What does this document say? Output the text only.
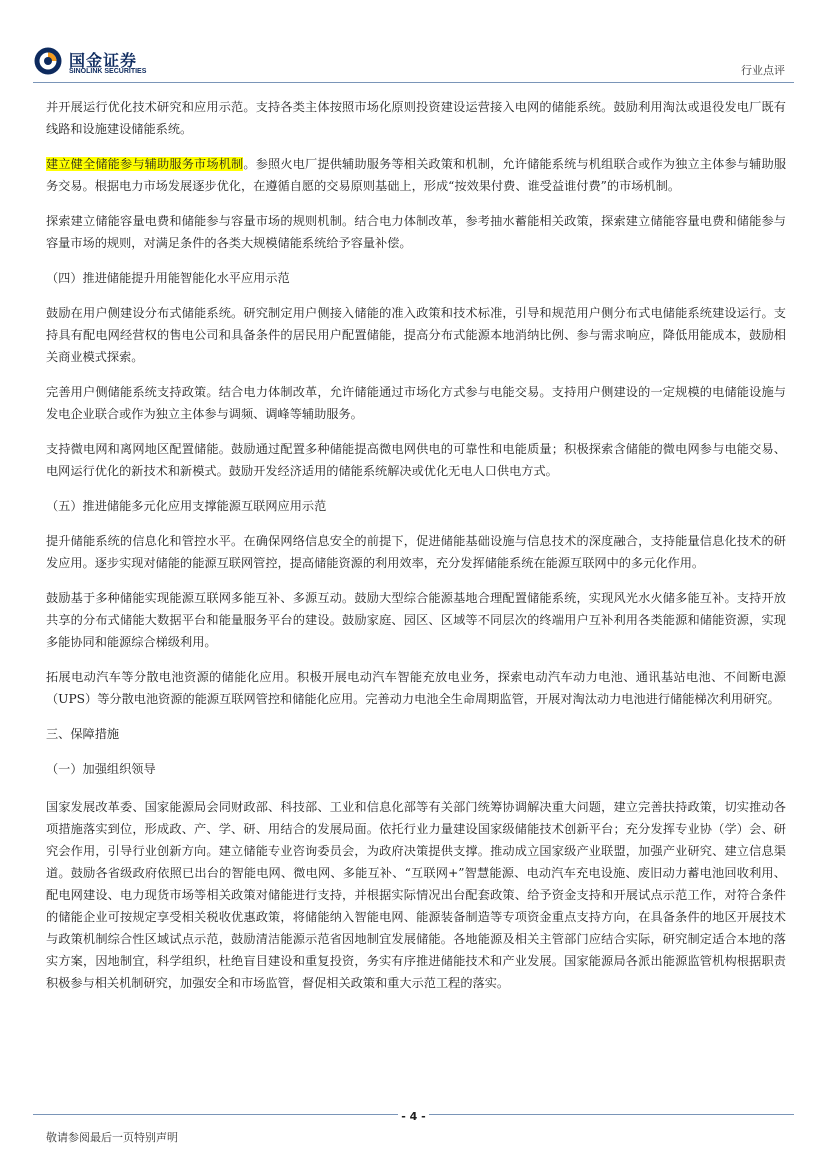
国金证券
SINOLINK SECURITIES	行业点评

并开展运行优化技术研究和应用示范。支持各类主体按照市场化原则投资建设运营接入电网的储能系统。鼓励利用淘汰或退役发电厂既有线路和设施建设储能系统。

建立健全储能参与辅助服务市场机制。参照火电厂提供辅助服务等相关政策和机制，允许储能系统与机组联合或作为独立主体参与辅助服务交易。根据电力市场发展逐步优化，在遵循自愿的交易原则基础上，形成“按效果付费、谁受益谁付费”的市场机制。

探索建立储能容量电费和储能参与容量市场的规则机制。结合电力体制改革，参考抽水蓄能相关政策，探索建立储能容量电费和储能参与容量市场的规则，对满足条件的各类大规模储能系统给予容量补偿。

（四）推进储能提升用能智能化水平应用示范

鼓励在用户侧建设分布式储能系统。研究制定用户侧接入储能的准入政策和技术标准，引导和规范用户侧分布式电储能系统建设运行。支持具有配电网经营权的售电公司和具备条件的居民用户配置储能，提高分布式能源本地消纳比例、参与需求响应，降低用能成本，鼓励相关商业模式探索。

完善用户侧储能系统支持政策。结合电力体制改革，允许储能通过市场化方式参与电能交易。支持用户侧建设的一定规模的电储能设施与发电企业联合或作为独立主体参与调频、调峰等辅助服务。

支持微电网和离网地区配置储能。鼓励通过配置多种储能提高微电网供电的可靠性和电能质量；积极探索含储能的微电网参与电能交易、电网运行优化的新技术和新模式。鼓励开发经济适用的储能系统解决或优化无电人口供电方式。

（五）推进储能多元化应用支撑能源互联网应用示范

提升储能系统的信息化和管控水平。在确保网络信息安全的前提下，促进储能基础设施与信息技术的深度融合，支持能量信息化技术的研发应用。逐步实现对储能的能源互联网管控，提高储能资源的利用效率，充分发挥储能系统在能源互联网中的多元化作用。

鼓励基于多种储能实现能源互联网多能互补、多源互动。鼓励大型综合能源基地合理配置储能系统，实现风光水火储多能互补。支持开放共享的分布式储能大数据平台和能量服务平台的建设。鼓励家庭、园区、区域等不同层次的终端用户互补利用各类能源和储能资源，实现多能协同和能源综合梯级利用。

拓展电动汽车等分散电池资源的储能化应用。积极开展电动汽车智能充放电业务，探索电动汽车动力电池、通讯基站电池、不间断电源（UPS）等分散电池资源的能源互联网管控和储能化应用。完善动力电池全生命周期监管，开展对淘汰动力电池进行储能梯次利用研究。

三、保障措施

（一）加强组织领导

国家发展改革委、国家能源局会同财政部、科技部、工业和信息化部等有关部门统筹协调解决重大问题，建立完善扶持政策，切实推动各项措施落实到位，形成政、产、学、研、用结合的发展局面。依托行业力量建设国家级储能技术创新平台；充分发挥专业协（学）会、研究会作用，引导行业创新方向。建立储能专业咨询委员会，为政府决策提供支撑。推动成立国家级产业联盟，加强产业研究、建立信息渠道。鼓励各省级政府依照已出台的智能电网、微电网、多能互补、“互联网+”智慧能源、电动汽车充电设施、废旧动力蓄电池回收利用、配电网建设、电力现货市场等相关政策对储能进行支持，并根据实际情况出台配套政策、给予资金支持和开展试点示范工作，对符合条件的储能企业可按规定享受相关税收优惠政策，将储能纳入智能电网、能源装备制造等专项资金重点支持方向，在具备条件的地区开展技术与政策机制综合性区域试点示范，鼓励清洁能源示范省因地制宜发展储能。各地能源及相关主管部门应结合实际，研究制定适合本地的落实方案，因地制宜，科学组织，杜绝盲目建设和重复投资，务实有序推进储能技术和产业发展。国家能源局各派出能源监管机构根据职责积极参与相关机制研究，加强安全和市场监管，督促相关政策和重大示范工程的落实。

- 4 -
敬请参阅最后一页特别声明
